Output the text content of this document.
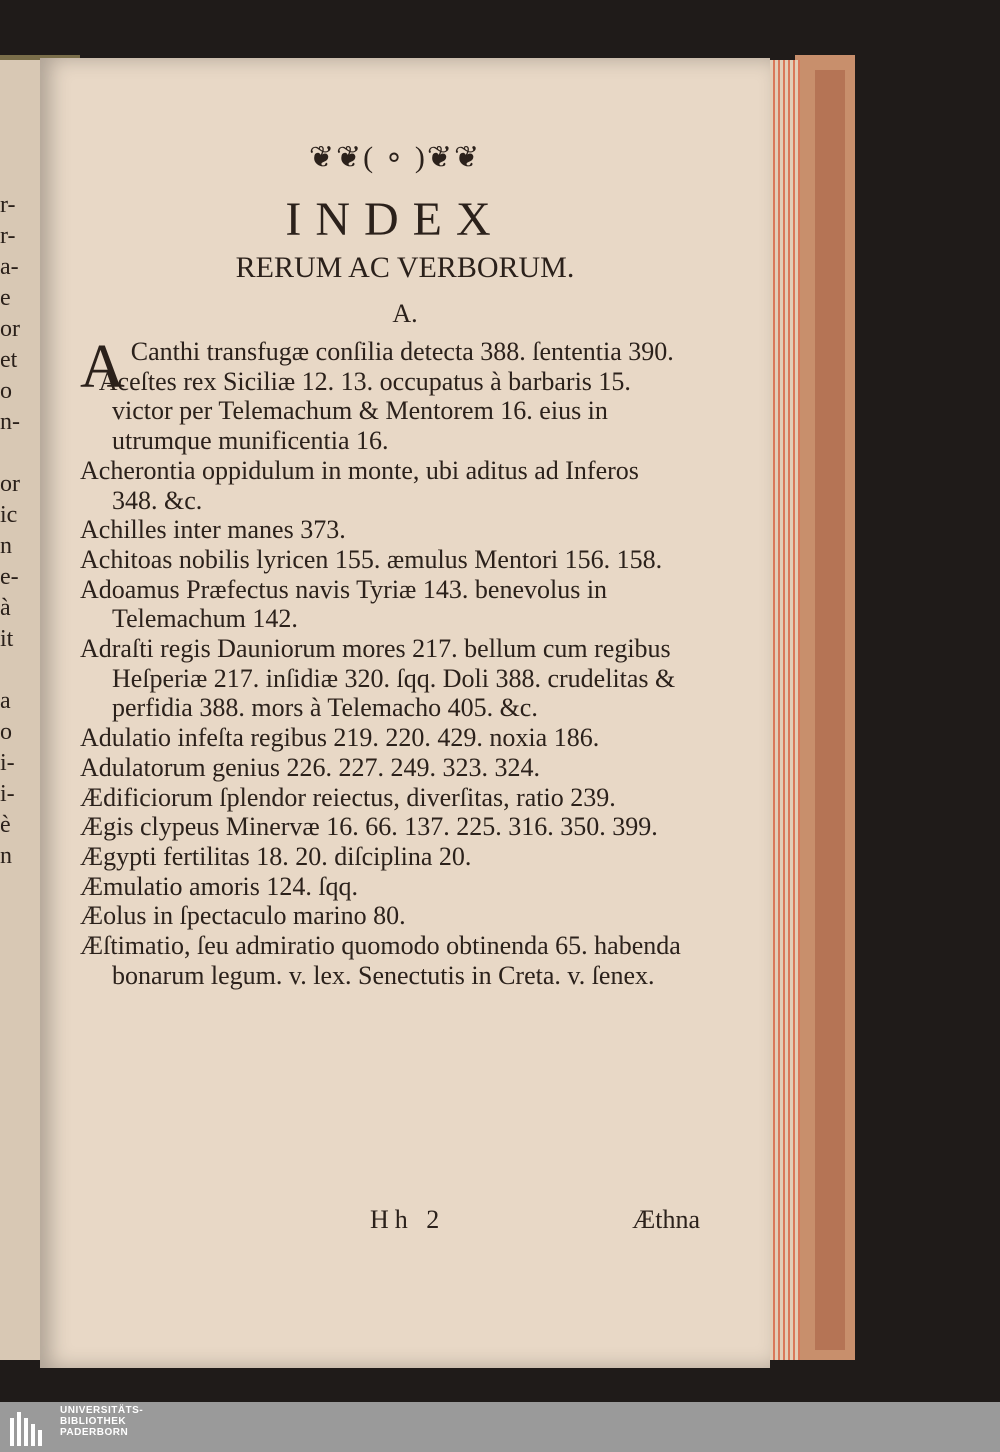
r-
r-
a-
e
or
et
o
n-
or
ic
n
e-
à
it
a
o
i-
i-
è
n
❦❦( ∘ )❦❦
INDEX
RERUM AC VERBORUM.
A.
A Canthi transfugæ conſilia detecta 388. ſententia 390.
Aceſtes rex Siciliæ 12. 13. occupatus à barbaris 15. victor per Telemachum & Mentorem 16. eius in utrumque munificentia 16.
Acherontia oppidulum in monte, ubi aditus ad Inferos 348. &c.
Achilles inter manes 373.
Achitoas nobilis lyricen 155. æmulus Mentori 156. 158.
Adoamus Præfectus navis Tyriæ 143. benevolus in Telemachum 142.
Adraſti regis Dauniorum mores 217. bellum cum regibus Heſperiæ 217. inſidiæ 320. ſqq. Doli 388. crudelitas & perfidia 388. mors à Telemacho 405. &c.
Adulatio infeſta regibus 219. 220. 429. noxia 186.
Adulatorum genius 226. 227. 249. 323. 324.
Ædificiorum ſplendor reiectus, diverſitas, ratio 239.
Ægis clypeus Minervæ 16. 66. 137. 225. 316. 350. 399.
Ægypti fertilitas 18. 20. diſciplina 20.
Æmulatio amoris 124. ſqq.
Æolus in ſpectaculo marino 80.
Æſtimatio, ſeu admiratio quomodo obtinenda 65. habenda bonarum legum. v. lex. Senectutis in Creta. v. ſenex.
Hh 2	Æthna
UNIVERSITÄTS-
BIBLIOTHEK
PADERBORN
